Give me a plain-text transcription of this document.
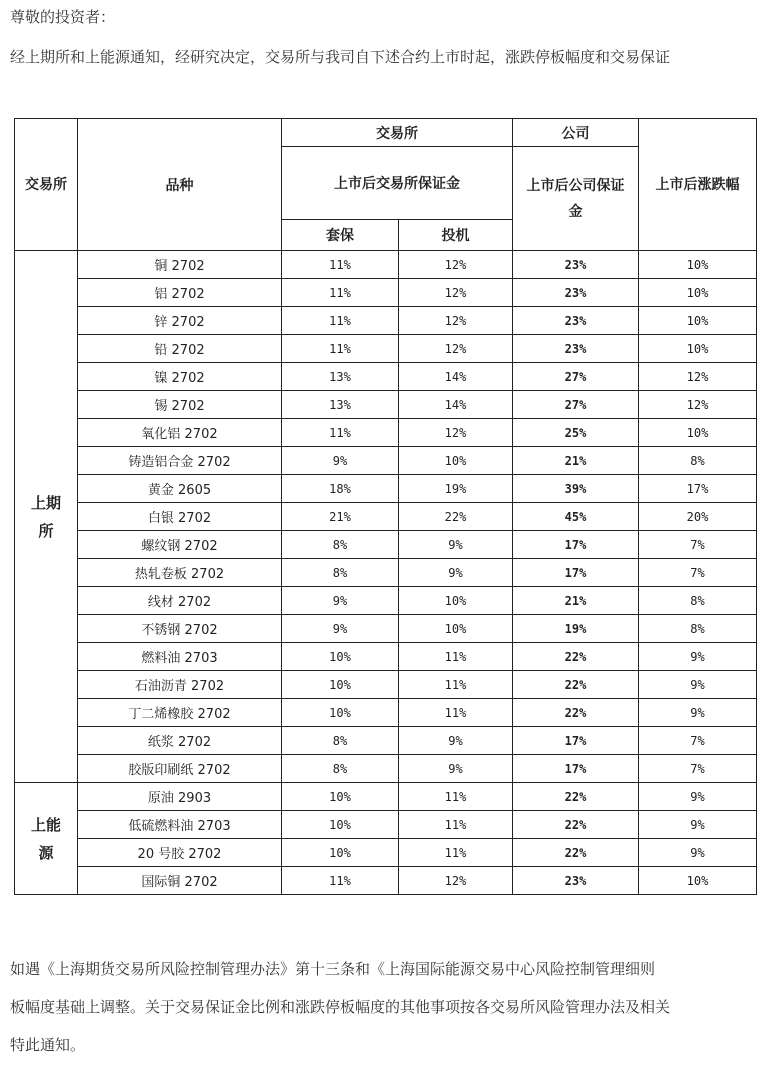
尊敬的投资者：
经上期所和上能源通知，经研究决定，交易所与我司自下述合约上市时起，涨跌停板幅度和交易保证
交易所	品种	交易所		公司	上市后涨跌幅
		上市后交易所保证金		上市后公司保证金	
		套保	投机		
上期所	铜 2702	11%	12%	23%	10%
	铝 2702	11%	12%	23%	10%
	锌 2702	11%	12%	23%	10%
	铅 2702	11%	12%	23%	10%
	镍 2702	13%	14%	27%	12%
	锡 2702	13%	14%	27%	12%
	氧化铝 2702	11%	12%	25%	10%
	铸造铝合金 2702	9%	10%	21%	8%
	黄金 2605	18%	19%	39%	17%
	白银 2702	21%	22%	45%	20%
	螺纹钢 2702	8%	9%	17%	7%
	热轧卷板 2702	8%	9%	17%	7%
	线材 2702	9%	10%	21%	8%
	不锈钢 2702	9%	10%	19%	8%
	燃料油 2703	10%	11%	22%	9%
	石油沥青 2702	10%	11%	22%	9%
	丁二烯橡胶 2702	10%	11%	22%	9%
	纸浆 2702	8%	9%	17%	7%
	胶版印刷纸 2702	8%	9%	17%	7%
上能源	原油 2903	10%	11%	22%	9%
	低硫燃料油 2703	10%	11%	22%	9%
	20 号胶 2702	10%	11%	22%	9%
	国际铜 2702	11%	12%	23%	10%
如遇《上海期货交易所风险控制管理办法》第十三条和《上海国际能源交易中心风险控制管理细则
板幅度基础上调整。关于交易保证金比例和涨跌停板幅度的其他事项按各交易所风险管理办法及相关
特此通知。
